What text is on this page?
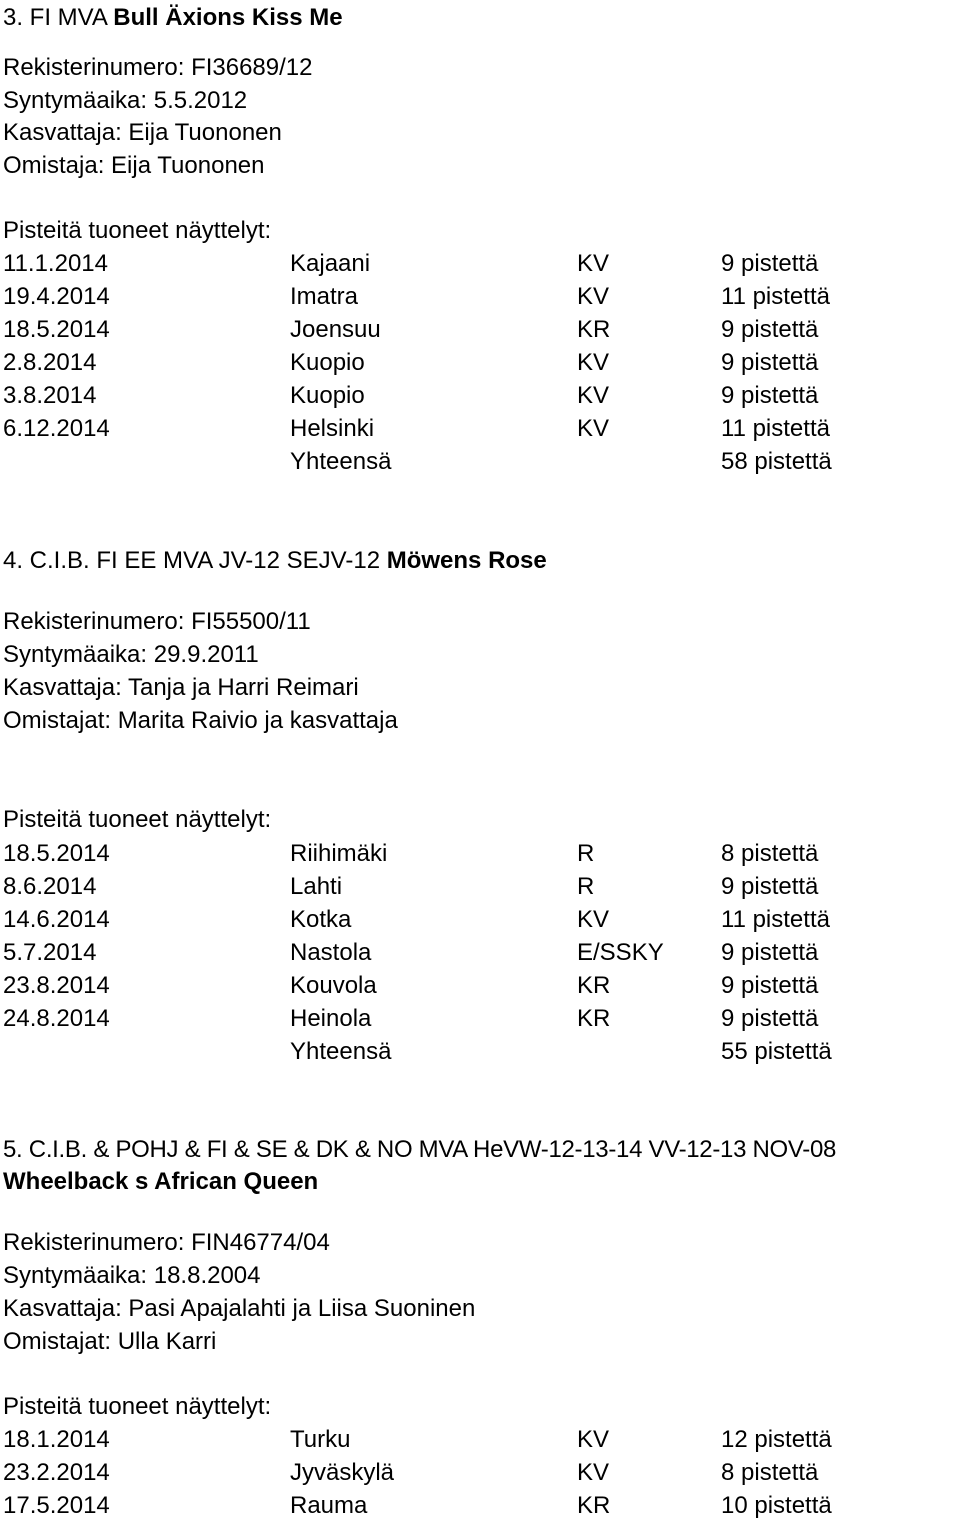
3. FI MVA Bull Äxions Kiss Me
Rekisterinumero: FI36689/12
Syntymäaika: 5.5.2012
Kasvattaja: Eija Tuononen
Omistaja: Eija Tuononen
Pisteitä tuoneet näyttelyt:
11.1.2014	Kajaani	KV	9 pistettä
19.4.2014	Imatra	KV	11 pistettä
18.5.2014	Joensuu	KR	9 pistettä
2.8.2014	Kuopio	KV	9 pistettä
3.8.2014	Kuopio	KV	9 pistettä
6.12.2014	Helsinki	KV	11 pistettä
Yhteensä	58 pistettä
4. C.I.B. FI EE MVA JV-12 SEJV-12 Möwens Rose
Rekisterinumero: FI55500/11
Syntymäaika: 29.9.2011
Kasvattaja: Tanja ja Harri Reimari
Omistajat: Marita Raivio ja kasvattaja
Pisteitä tuoneet näyttelyt:
18.5.2014	Riihimäki	R	8 pistettä
8.6.2014	Lahti	R	9 pistettä
14.6.2014	Kotka	KV	11 pistettä
5.7.2014	Nastola	E/SSKY 9 pistettä
23.8.2014	Kouvola	KR	9 pistettä
24.8.2014	Heinola	KR	9 pistettä
Yhteensä	55 pistettä
5. C.I.B. & POHJ & FI & SE & DK & NO MVA HeVW-12-13-14 VV-12-13 NOV-08
Wheelback s African Queen
Rekisterinumero: FIN46774/04
Syntymäaika: 18.8.2004
Kasvattaja: Pasi Apajalahti ja Liisa Suoninen
Omistajat: Ulla Karri
Pisteitä tuoneet näyttelyt:
18.1.2014	Turku	KV	12 pistettä
23.2.2014	Jyväskylä	KV	8 pistettä
17.5.2014	Rauma	KR	10 pistettä
